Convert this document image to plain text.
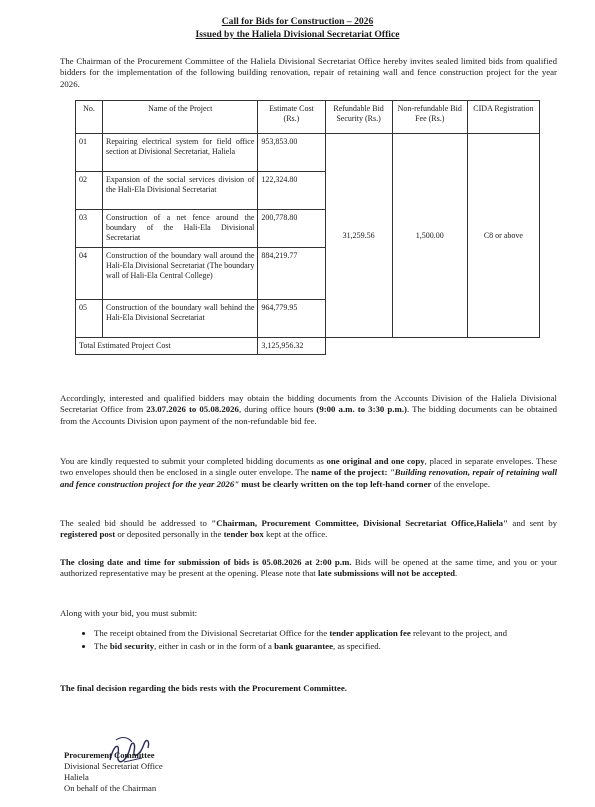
Call for Bids for Construction – 2026
Issued by the Haliela Divisional Secretariat Office
The Chairman of the Procurement Committee of the Haliela Divisional Secretariat Office hereby invites sealed limited bids from qualified bidders for the implementation of the following building renovation, repair of retaining wall and fence construction project for the year 2026.
No.	Name of the Project	Estimate Cost (Rs.)	Refundable Bid Security (Rs.)	Non-refundable Bid Fee (Rs.)	CIDA Registration
01	Repairing electrical system for field office section at Divisional Secretariat, Haliela	953,853.00	31,259.56	1,500.00	C8 or above
02	Expansion of the social services division of the Hali-Ela Divisional Secretariat	122,324.80			
03	Construction of a net fence around the boundary of the Hali-Ela Divisional Secretariat	200,778.80			
04	Construction of the boundary wall around the Hali-Ela Divisional Secretariat (The boundary wall of Hali-Ela Central College)	884,219.77			
05	Construction of the boundary wall behind the Hali-Ela Divisional Secretariat	964,779.95			
Total Estimated Project Cost		3,125,956.32			
Accordingly, interested and qualified bidders may obtain the bidding documents from the Accounts Division of the Haliela Divisional Secretariat Office from 23.07.2026 to 05.08.2026, during office hours (9:00 a.m. to 3:30 p.m.). The bidding documents can be obtained from the Accounts Division upon payment of the non-refundable bid fee.
You are kindly requested to submit your completed bidding documents as one original and one copy, placed in separate envelopes. These two envelopes should then be enclosed in a single outer envelope. The name of the project: "Building renovation, repair of retaining wall and fence construction project for the year 2026" must be clearly written on the top left-hand corner of the envelope.
The sealed bid should be addressed to "Chairman, Procurement Committee, Divisional Secretariat Office,Haliela" and sent by registered post or deposited personally in the tender box kept at the office.
The closing date and time for submission of bids is 05.08.2026 at 2:00 p.m. Bids will be opened at the same time, and you or your authorized representative may be present at the opening. Please note that late submissions will not be accepted.
Along with your bid, you must submit:
• The receipt obtained from the Divisional Secretariat Office for the tender application fee relevant to the project, and
• The bid security, either in cash or in the form of a bank guarantee, as specified.
The final decision regarding the bids rests with the Procurement Committee.
Procurement Committee
Divisional Secretariat Office
Haliela
On behalf of the Chairman
